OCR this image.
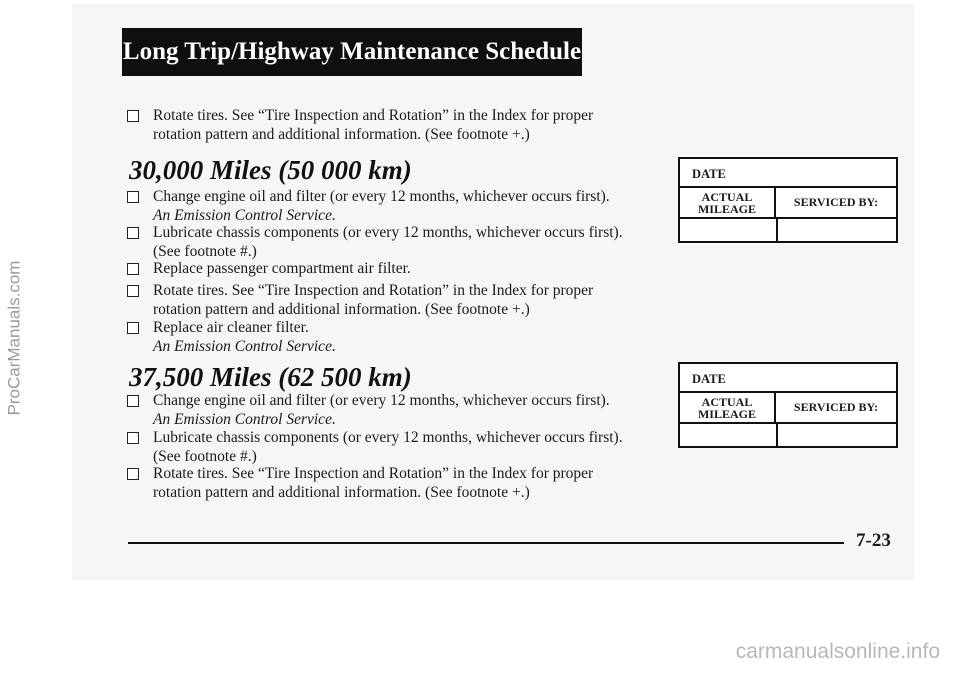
ProCarManuals.com
Long Trip/Highway Maintenance Schedule
Rotate tires. See “Tire Inspection and Rotation” in the Index for proper
rotation pattern and additional information. (See footnote +.)
30,000 Miles (50 000 km)
Change engine oil and filter (or every 12 months, whichever occurs first).
An Emission Control Service.
Lubricate chassis components (or every 12 months, whichever occurs first).
(See footnote #.)
Replace passenger compartment air filter.
Rotate tires. See “Tire Inspection and Rotation” in the Index for proper
rotation pattern and additional information. (See footnote +.)
Replace air cleaner filter.
An Emission Control Service.
DATE
ACTUAL
MILEAGE	SERVICED BY:
37,500 Miles (62 500 km)
Change engine oil and filter (or every 12 months, whichever occurs first).
An Emission Control Service.
Lubricate chassis components (or every 12 months, whichever occurs first).
(See footnote #.)
Rotate tires. See “Tire Inspection and Rotation” in the Index for proper
rotation pattern and additional information. (See footnote +.)
DATE
ACTUAL
MILEAGE	SERVICED BY:
7-23
carmanualsonline.info
